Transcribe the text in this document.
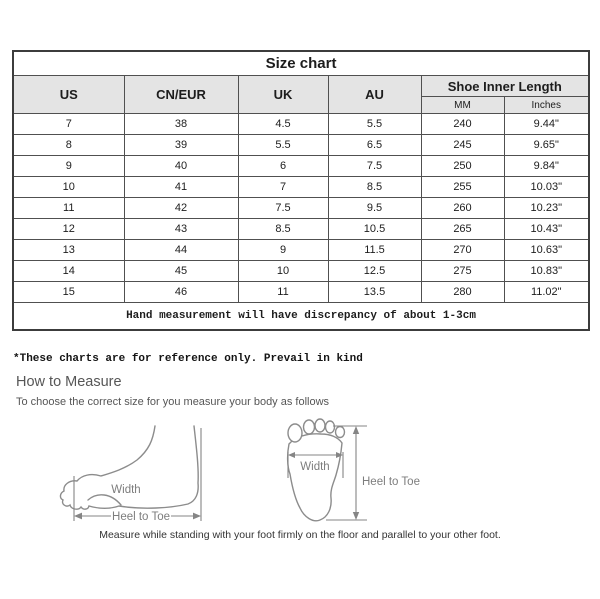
Size chart					
US	CN/EUR	UK	AU	Shoe Inner Length	
				MM	Inches
7	38	4.5	5.5	240	9.44"
8	39	5.5	6.5	245	9.65"
9	40	6	7.5	250	9.84"
10	41	7	8.5	255	10.03"
11	42	7.5	9.5	260	10.23"
12	43	8.5	10.5	265	10.43"
13	44	9	11.5	270	10.63"
14	45	10	12.5	275	10.83"
15	46	11	13.5	280	11.02"
Hand measurement will have discrepancy of about 1-3cm					
*These charts are for reference only. Prevail in kind
How to Measure
To choose the correct size for you measure your body as follows
Width
Heel to Toe
Width
Heel to Toe
Measure while standing with your foot firmly on the floor and parallel to your other foot.
